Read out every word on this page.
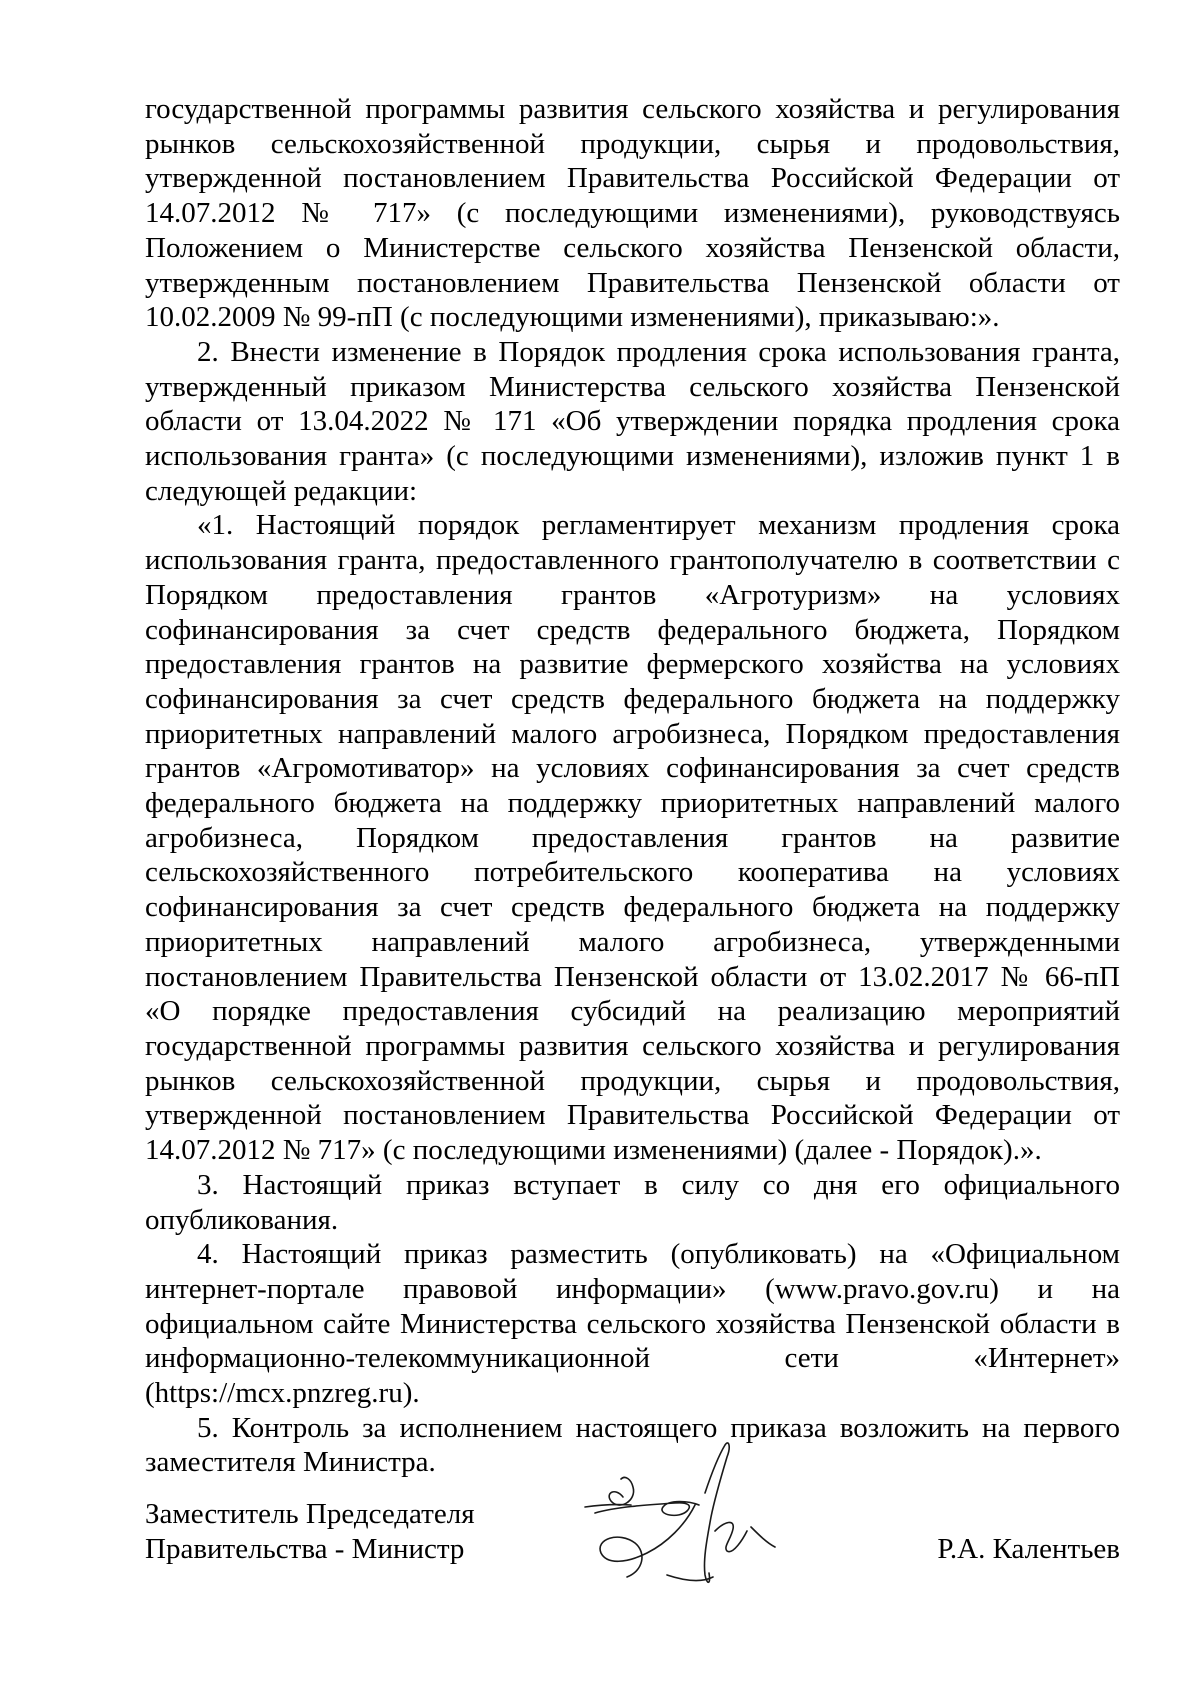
государственной программы развития сельского хозяйства и регулирования рынков сельскохозяйственной продукции, сырья и продовольствия, утвержденной постановлением Правительства Российской Федерации от 14.07.2012 № 717» (с последующими изменениями), руководствуясь Положением о Министерстве сельского хозяйства Пензенской области, утвержденным постановлением Правительства Пензенской области от 10.02.2009 № 99-пП (с последующими изменениями), приказываю:».

2. Внести изменение в Порядок продления срока использования гранта, утвержденный приказом Министерства сельского хозяйства Пензенской области от 13.04.2022 № 171 «Об утверждении порядка продления срока использования гранта» (с последующими изменениями), изложив пункт 1 в следующей редакции:

«1. Настоящий порядок регламентирует механизм продления срока использования гранта, предоставленного грантополучателю в соответствии с Порядком предоставления грантов «Агротуризм» на условиях софинансирования за счет средств федерального бюджета, Порядком предоставления грантов на развитие фермерского хозяйства на условиях софинансирования за счет средств федерального бюджета на поддержку приоритетных направлений малого агробизнеса, Порядком предоставления грантов «Агромотиватор» на условиях софинансирования за счет средств федерального бюджета на поддержку приоритетных направлений малого агробизнеса, Порядком предоставления грантов на развитие сельскохозяйственного потребительского кооператива на условиях софинансирования за счет средств федерального бюджета на поддержку приоритетных направлений малого агробизнеса, утвержденными постановлением Правительства Пензенской области от 13.02.2017 № 66-пП «О порядке предоставления субсидий на реализацию мероприятий государственной программы развития сельского хозяйства и регулирования рынков сельскохозяйственной продукции, сырья и продовольствия, утвержденной постановлением Правительства Российской Федерации от 14.07.2012 № 717» (с последующими изменениями) (далее - Порядок).».

3. Настоящий приказ вступает в силу со дня его официального опубликования.

4. Настоящий приказ разместить (опубликовать) на «Официальном интернет-портале правовой информации» (www.pravo.gov.ru) и на официальном сайте Министерства сельского хозяйства Пензенской области в информационно-телекоммуникационной сети «Интернет» (https://mcx.pnzreg.ru).

5. Контроль за исполнением настоящего приказа возложить на первого заместителя Министра.

Заместитель Председателя
Правительства - Министр	Р.А. Калентьев
